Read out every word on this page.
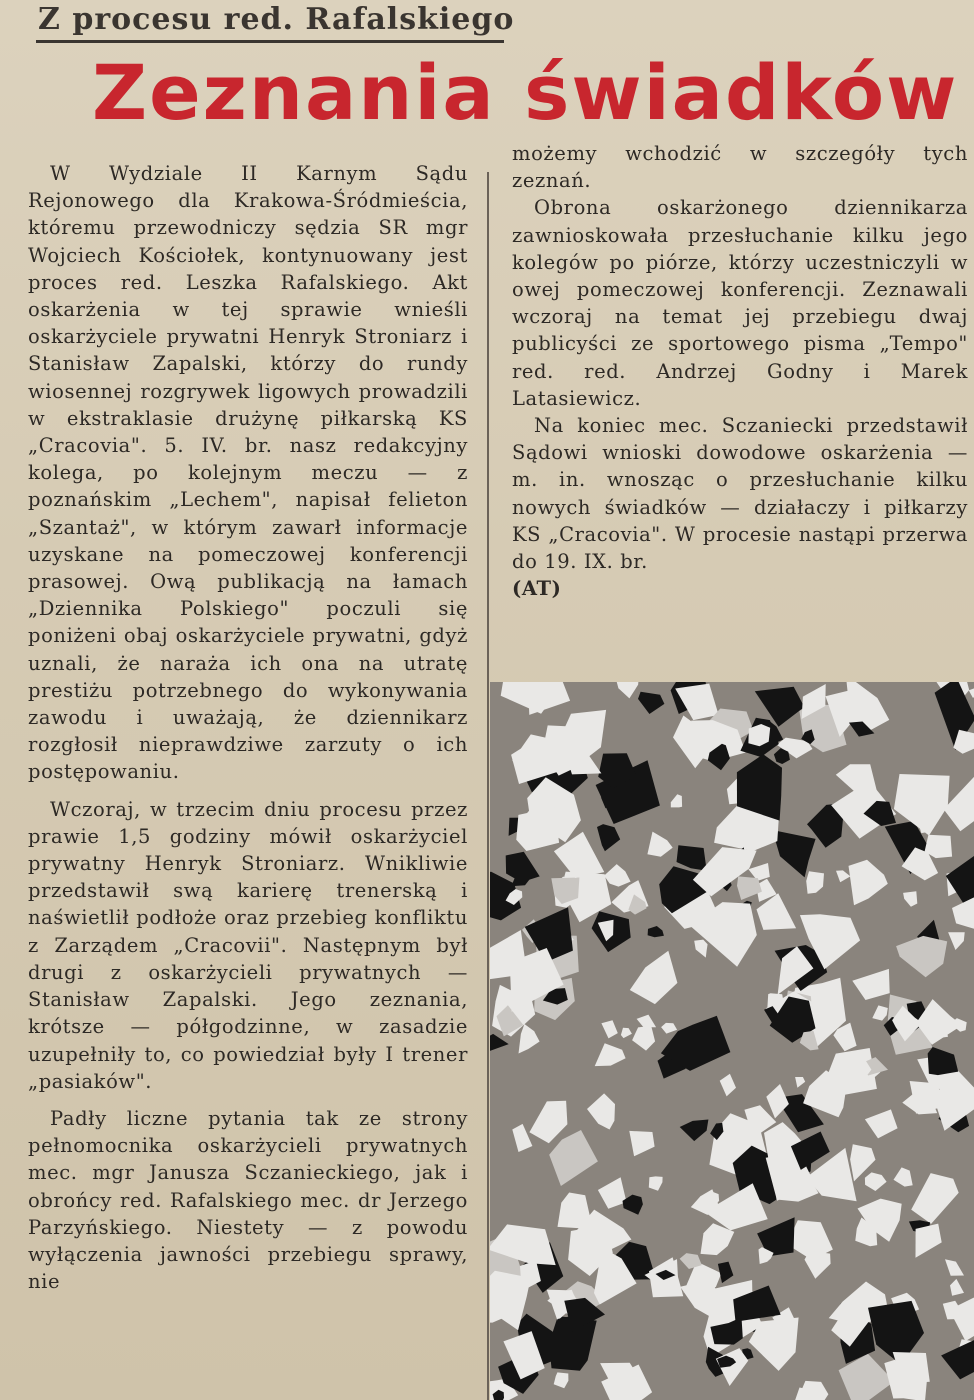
Z procesu red. Rafalskiego
Zeznania świadków

W Wydziale II Karnym Sądu Rejonowego dla Krakowa-Śródmieścia, któremu przewodniczy sędzia SR mgr Wojciech Kościołek, kontynuowany jest proces red. Leszka Rafalskiego. Akt oskarżenia w tej sprawie wnieśli oskarżyciele prywatni Henryk Stroniarz i Stanisław Zapalski, którzy do rundy wiosennej rozgrywek ligowych prowadzili w ekstraklasie drużynę piłkarską KS „Cracovia". 5. IV. br. nasz redakcyjny kolega, po kolejnym meczu — z poznańskim „Lechem", napisał felieton „Szantaż", w którym zawarł informacje uzyskane na pomeczowej konferencji prasowej. Ową publikacją na łamach „Dziennika Polskiego" poczuli się poniżeni obaj oskarżyciele prywatni, gdyż uznali, że naraża ich ona na utratę prestiżu potrzebnego do wykonywania zawodu i uważają, że dziennikarz rozgłosił nieprawdziwe zarzuty o ich postępowaniu.

Wczoraj, w trzecim dniu procesu przez prawie 1,5 godziny mówił oskarżyciel prywatny Henryk Stroniarz. Wnikliwie przedstawił swą karierę trenerską i naświetlił podłoże oraz przebieg konfliktu z Zarządem „Cracovii". Następnym był drugi z oskarżycieli prywatnych — Stanisław Zapalski. Jego zeznania, krótsze — półgodzinne, w zasadzie uzupełniły to, co powiedział były I trener „pasiaków".

Padły liczne pytania tak ze strony pełnomocnika oskarżycieli prywatnych mec. mgr Janusza Sczanieckiego, jak i obrońcy red. Rafalskiego mec. dr Jerzego Parzyńskiego. Niestety — z powodu wyłączenia jawności przebiegu sprawy, nie

możemy wchodzić w szczegóły tych zeznań.

Obrona oskarżonego dziennikarza zawnioskowała przesłuchanie kilku jego kolegów po piórze, którzy uczestniczyli w owej pomeczowej konferencji. Zeznawali wczoraj na temat jej przebiegu dwaj publicyści ze sportowego pisma „Tempo" red. red. Andrzej Godny i Marek Latasiewicz.

Na koniec mec. Sczaniecki przedstawił Sądowi wnioski dowodowe oskarżenia — m. in. wnosząc o przesłuchanie kilku nowych świadków — działaczy i piłkarzy KS „Cracovia". W procesie nastąpi przerwa do 19. IX. br.

(AT)
